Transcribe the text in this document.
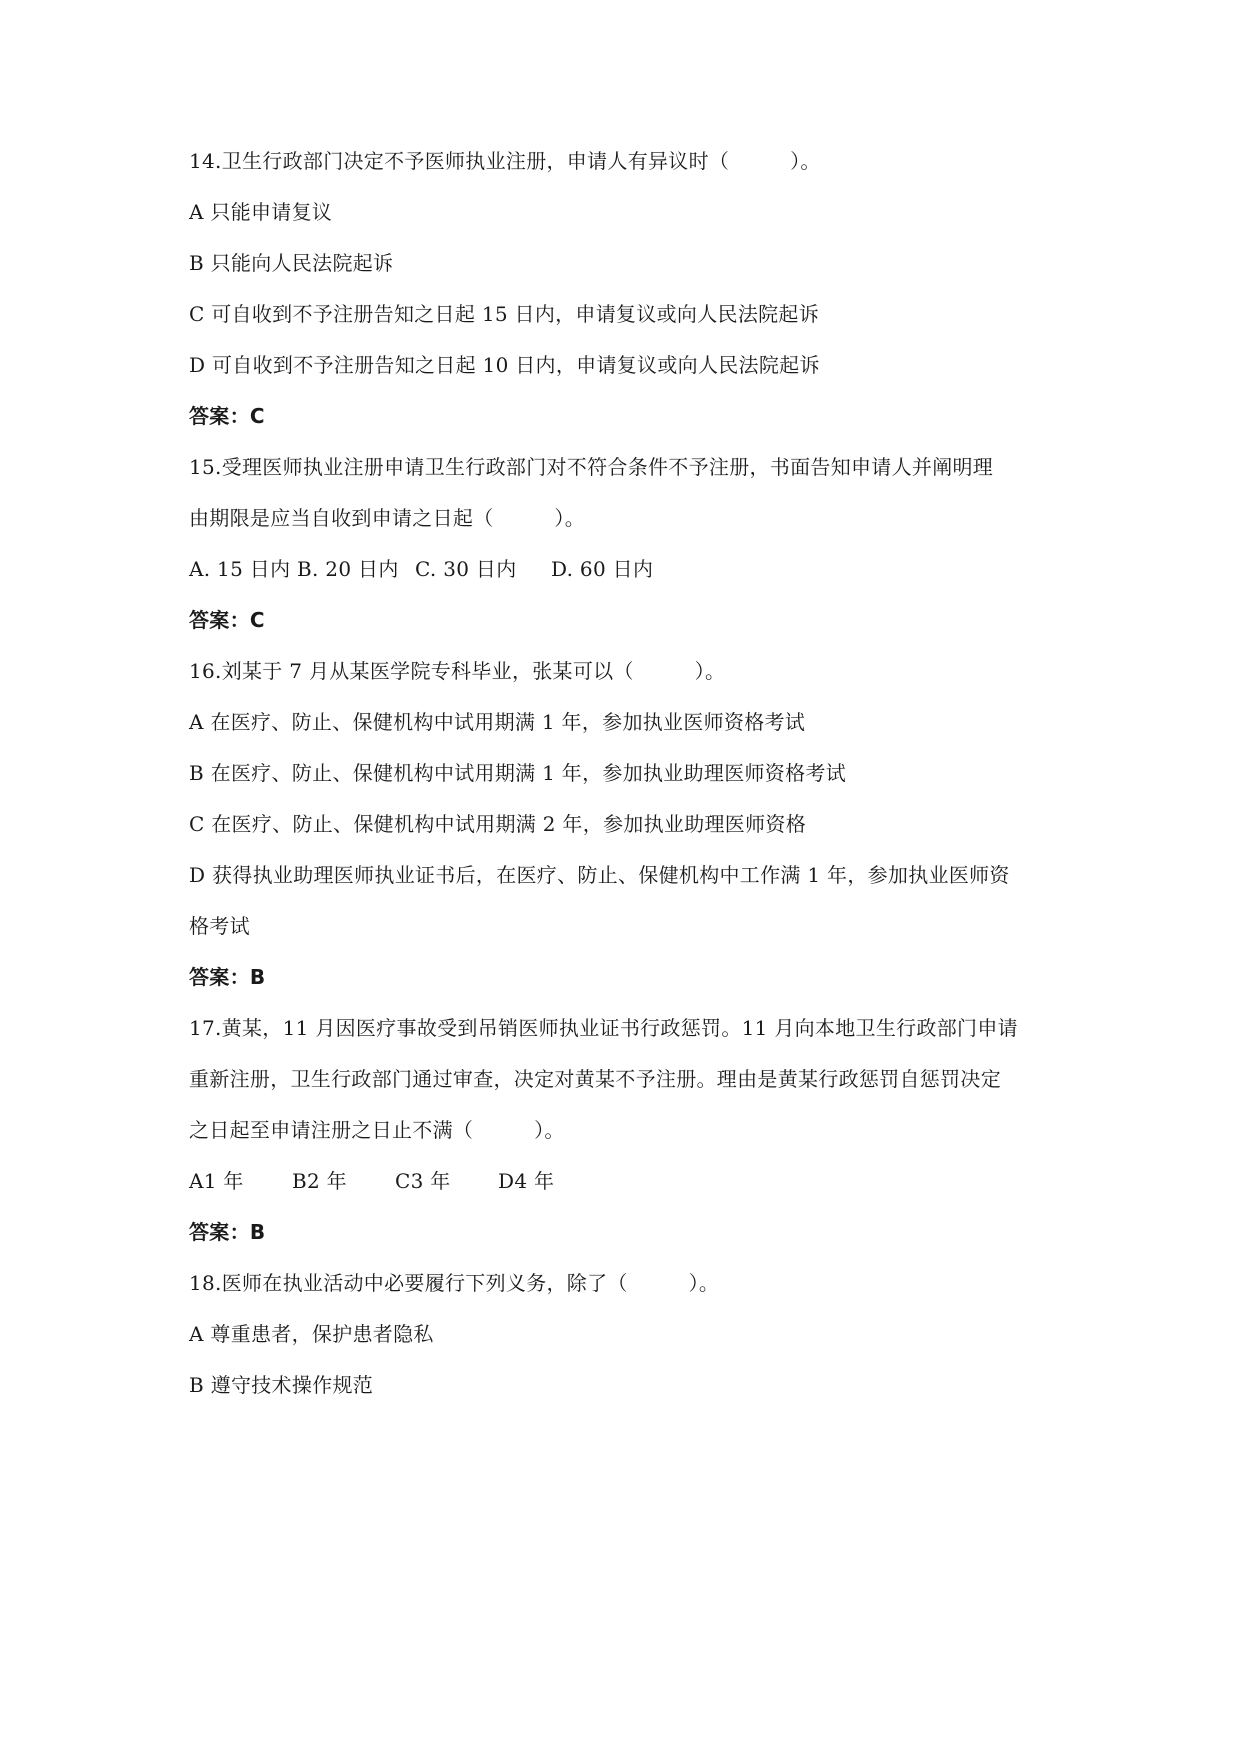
14.卫生行政部门决定不予医师执业注册，申请人有异议时（　　　）。
A 只能申请复议
B 只能向人民法院起诉
C 可自收到不予注册告知之日起 15 日内，申请复议或向人民法院起诉
D 可自收到不予注册告知之日起 10 日内，申请复议或向人民法院起诉
答案：C
15.受理医师执业注册申请卫生行政部门对不符合条件不予注册，书面告知申请人并阐明理
由期限是应当自收到申请之日起（　　　）。
A. 15 日内 B. 20 日内 C. 30 日内 D. 60 日内
答案：C
16.刘某于 7 月从某医学院专科毕业，张某可以（　　　）。
A 在医疗、防止、保健机构中试用期满 1 年，参加执业医师资格考试
B 在医疗、防止、保健机构中试用期满 1 年，参加执业助理医师资格考试
C 在医疗、防止、保健机构中试用期满 2 年，参加执业助理医师资格
D 获得执业助理医师执业证书后，在医疗、防止、保健机构中工作满 1 年，参加执业医师资
格考试
答案：B
17.黄某，11 月因医疗事故受到吊销医师执业证书行政惩罚。11 月向本地卫生行政部门申请
重新注册，卫生行政部门通过审查，决定对黄某不予注册。理由是黄某行政惩罚自惩罚决定
之日起至申请注册之日止不满（　　　）。
A1 年 B2 年 C3 年 D4 年
答案：B
18.医师在执业活动中必要履行下列义务，除了（　　　）。
A 尊重患者，保护患者隐私
B 遵守技术操作规范
